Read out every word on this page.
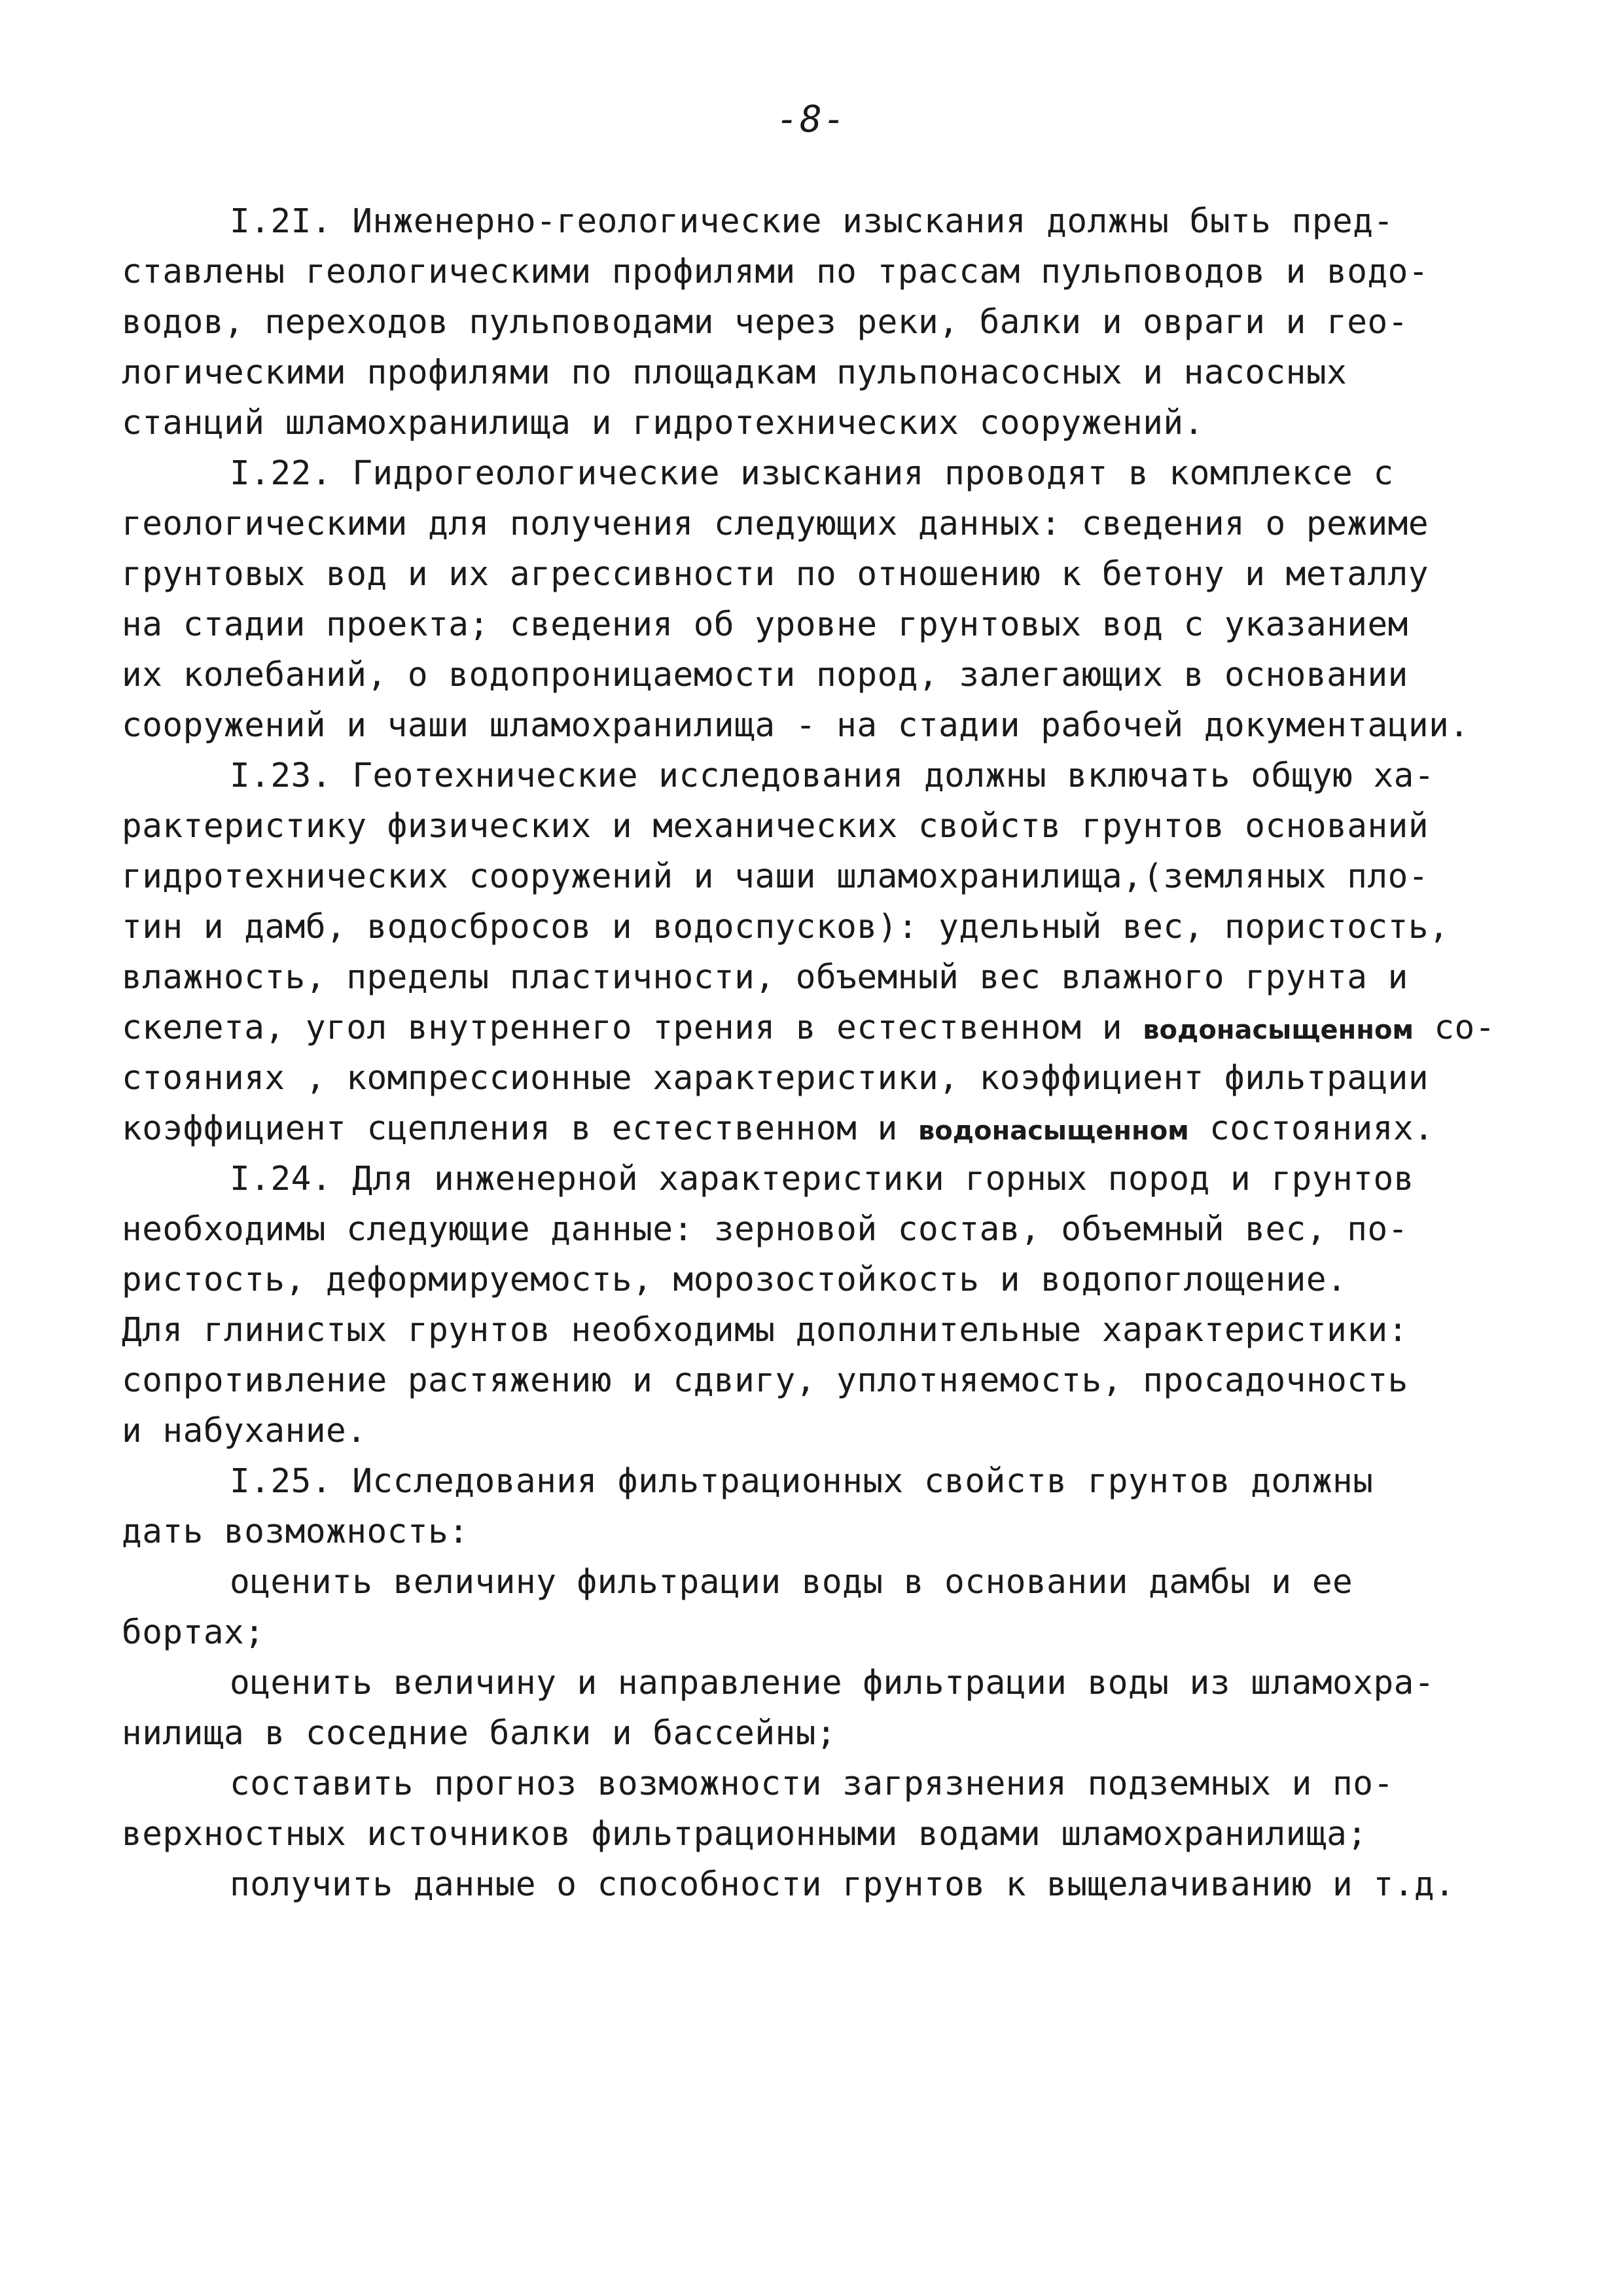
-8-
I.2I. Инженерно-геологические изыскания должны быть пред-
ставлены геологическими профилями по трассам пульповодов и водо-
водов, переходов пульповодами через реки, балки и овраги и гео-
логичеcкими профилями по площадкам пульпонасосных и насосных
станций шламохранилища и гидротехнических сооружений.
I.22. Гидрогеологические изыскания проводят в комплексе с
геологическими для получения следующих данных: сведения о режиме
грунтовых вод и их агрессивности по отношению к бетону и металлу
на стадии проекта; сведения об уровне грунтовых вод с указанием
их колебаний, о водопроницаемости пород, залегающих в основании
сооружений и чаши шламохранилища - на стадии рабочей документации.
I.23. Геотехнические исследования должны включать общую ха-
рактеристику физических и механических свойств грунтов оснований
гидротехнических сооружений и чаши шламохранилища,(земляных пло-
тин и дамб, водосбросов и водоспусков): удельный вес, пористость,
влажность, пределы пластичности, объемный вес влажного грунта и
скелета, угол внутреннего трения в естественном и водонасыщенном со-
стояниях , компрессионные характеристики, коэффициент фильтрации
коэффициент сцепления в естественном и водонасыщенном состояниях.
I.24. Для инженерной характеристики горных пород и грунтов
необходимы следующие данные: зерновой состав, объемный вес, по-
ристость, деформируемость, морозостойкость и водопоглощение.
Для глинистых грунтов необходимы дополнительные характеристики:
сопротивление растяжению и сдвигу, уплотняемость, просадочность
и набухание.
I.25. Исследования фильтрационных свойств грунтов должны
дать возможность:
оценить величину фильтрации воды в основании дамбы и ее
бортах;
оценить величину и направление фильтрации воды из шламохра-
нилища в соседние балки и бассейны;
составить прогноз возможности загрязнения подземных и по-
верхностных источников фильтрационными водами шламохранилища;
получить данные о способности грунтов к выщелачиванию и т.д.
